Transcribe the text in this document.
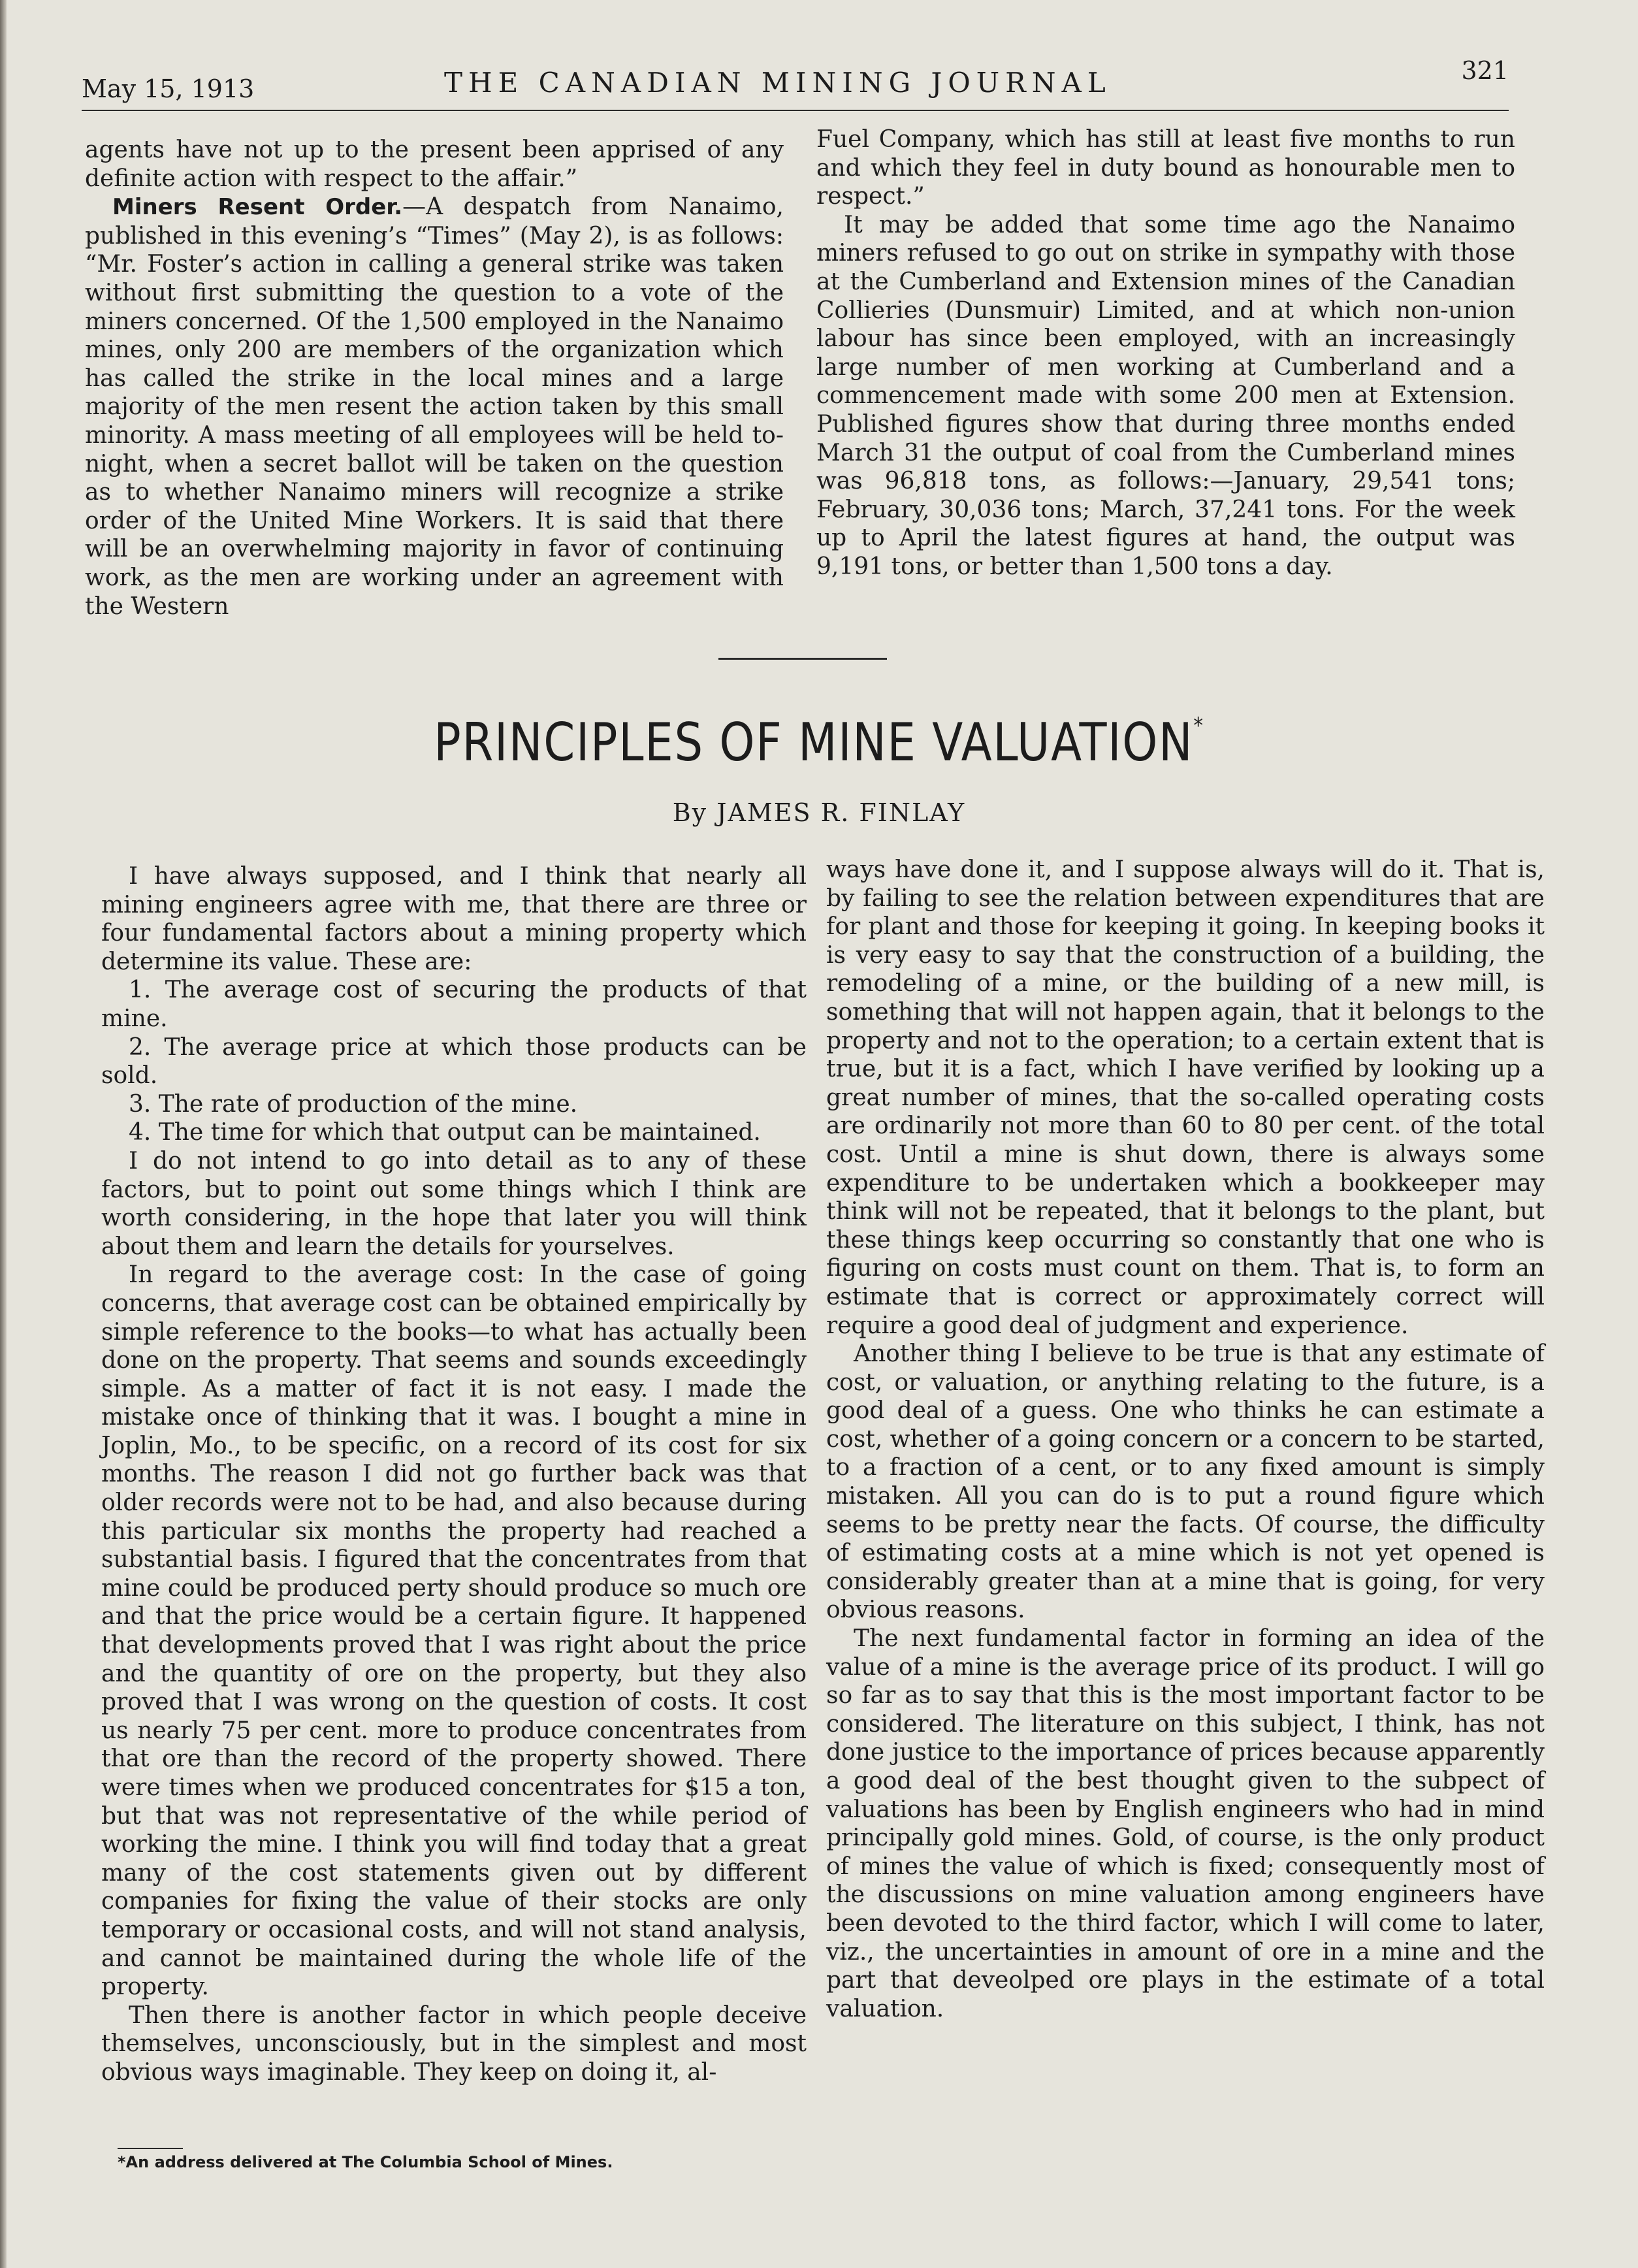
May 15, 1913	THE CANADIAN MINING JOURNAL	321

agents have not up to the present been apprised of any definite action with respect to the affair.”

Miners Resent Order.—A despatch from Nanaimo, published in this evening’s “Times” (May 2), is as follows: “Mr. Foster’s action in calling a general strike was taken without first submitting the question to a vote of the miners concerned. Of the 1,500 employed in the Nanaimo mines, only 200 are members of the organization which has called the strike in the local mines and a large majority of the men resent the action taken by this small minority. A mass meeting of all employees will be held to-night, when a secret ballot will be taken on the question as to whether Nanaimo miners will recognize a strike order of the United Mine Workers. It is said that there will be an overwhelming majority in favor of continuing work, as the men are working under an agreement with the Western

Fuel Company, which has still at least five months to run and which they feel in duty bound as honourable men to respect.”

It may be added that some time ago the Nanaimo miners refused to go out on strike in sympathy with those at the Cumberland and Extension mines of the Canadian Collieries (Dunsmuir) Limited, and at which non-union labour has since been employed, with an increasingly large number of men working at Cumberland and a commencement made with some 200 men at Extension. Published figures show that during three months ended March 31 the output of coal from the Cumberland mines was 96,818 tons, as follows:—January, 29,541 tons; February, 30,036 tons; March, 37,241 tons. For the week up to April the latest figures at hand, the output was 9,191 tons, or better than 1,500 tons a day.

PRINCIPLES OF MINE VALUATION*
By JAMES R. FINLAY

I have always supposed, and I think that nearly all mining engineers agree with me, that there are three or four fundamental factors about a mining property which determine its value. These are:

1. The average cost of securing the products of that mine.

2. The average price at which those products can be sold.

3. The rate of production of the mine.

4. The time for which that output can be maintained.

I do not intend to go into detail as to any of these factors, but to point out some things which I think are worth considering, in the hope that later you will think about them and learn the details for yourselves.

In regard to the average cost: In the case of going concerns, that average cost can be obtained empirically by simple reference to the books—to what has actually been done on the property. That seems and sounds exceedingly simple. As a matter of fact it is not easy. I made the mistake once of thinking that it was. I bought a mine in Joplin, Mo., to be specific, on a record of its cost for six months. The reason I did not go further back was that older records were not to be had, and also because during this particular six months the property had reached a substantial basis. I figured that the concentrates from that mine could be produced perty should produce so much ore and that the price would be a certain figure. It happened that developments proved that I was right about the price and the quantity of ore on the property, but they also proved that I was wrong on the question of costs. It cost us nearly 75 per cent. more to produce concentrates from that ore than the record of the property showed. There were times when we produced concentrates for $15 a ton, but that was not representative of the while period of working the mine. I think you will find today that a great many of the cost statements given out by different companies for fixing the value of their stocks are only temporary or occasional costs, and will not stand analysis, and cannot be maintained during the whole life of the property.

Then there is another factor in which people deceive themselves, unconsciously, but in the simplest and most obvious ways imaginable. They keep on doing it, al-

ways have done it, and I suppose always will do it. That is, by failing to see the relation between expenditures that are for plant and those for keeping it going. In keeping books it is very easy to say that the construction of a building, the remodeling of a mine, or the building of a new mill, is something that will not happen again, that it belongs to the property and not to the operation; to a certain extent that is true, but it is a fact, which I have verified by looking up a great number of mines, that the so-called operating costs are ordinarily not more than 60 to 80 per cent. of the total cost. Until a mine is shut down, there is always some expenditure to be undertaken which a bookkeeper may think will not be repeated, that it belongs to the plant, but these things keep occurring so constantly that one who is figuring on costs must count on them. That is, to form an estimate that is correct or approximately correct will require a good deal of judgment and experience.

Another thing I believe to be true is that any estimate of cost, or valuation, or anything relating to the future, is a good deal of a guess. One who thinks he can estimate a cost, whether of a going concern or a concern to be started, to a fraction of a cent, or to any fixed amount is simply mistaken. All you can do is to put a round figure which seems to be pretty near the facts. Of course, the difficulty of estimating costs at a mine which is not yet opened is considerably greater than at a mine that is going, for very obvious reasons.

The next fundamental factor in forming an idea of the value of a mine is the average price of its product. I will go so far as to say that this is the most important factor to be considered. The literature on this subject, I think, has not done justice to the importance of prices because apparently a good deal of the best thought given to the subpect of valuations has been by English engineers who had in mind principally gold mines. Gold, of course, is the only product of mines the value of which is fixed; consequently most of the discussions on mine valuation among engineers have been devoted to the third factor, which I will come to later, viz., the uncertainties in amount of ore in a mine and the part that deveolped ore plays in the estimate of a total valuation.

*An address delivered at The Columbia School of Mines.
